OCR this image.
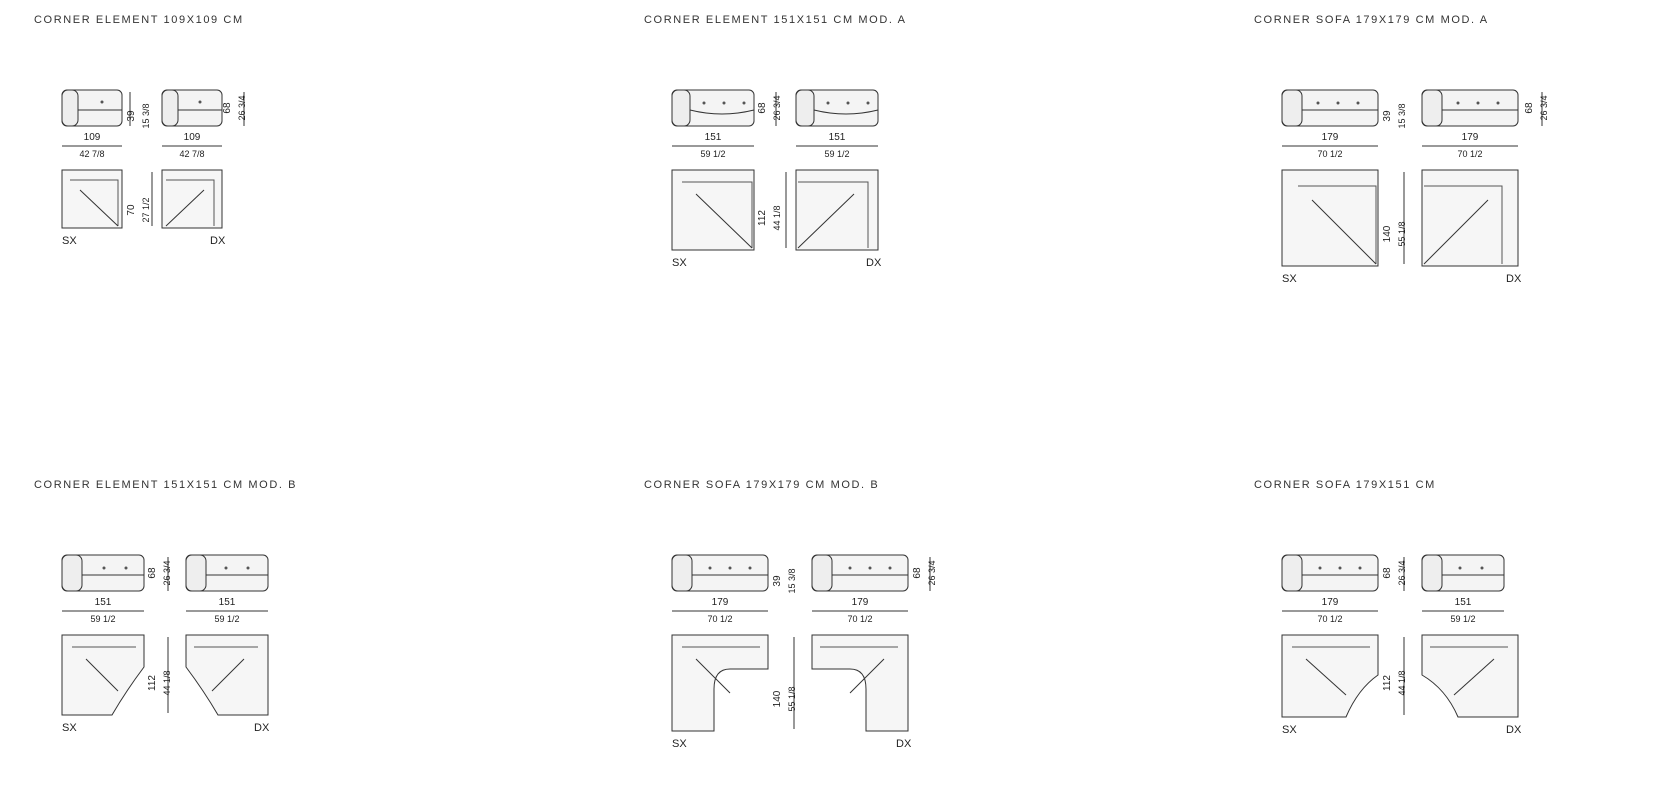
CORNER ELEMENT 109X109 CM
39 15 3/8	68 26 3/4
109
42 7/8
109
42 7/8
70 27 1/2
SX	DX
CORNER ELEMENT 151X151 CM MOD. A
68 26 3/4
151
59 1/2
151
59 1/2
112 44 1/8
SX	DX
CORNER SOFA 179X179 CM MOD. A
39 15 3/8	68 26 3/4
179
70 1/2
179
70 1/2
140 55 1/8
SX	DX
CORNER ELEMENT 151X151 CM MOD. B
68 26 3/4
151
59 1/2
151
59 1/2
112 44 1/8
SX	DX
CORNER SOFA 179X179 CM MOD. B
39 15 3/8	68 26 3/4
179
70 1/2
179
70 1/2
140 55 1/8
SX	DX
CORNER SOFA 179X151 CM
68 26 3/4
179
70 1/2
151
59 1/2
112 44 1/8
SX	DX
